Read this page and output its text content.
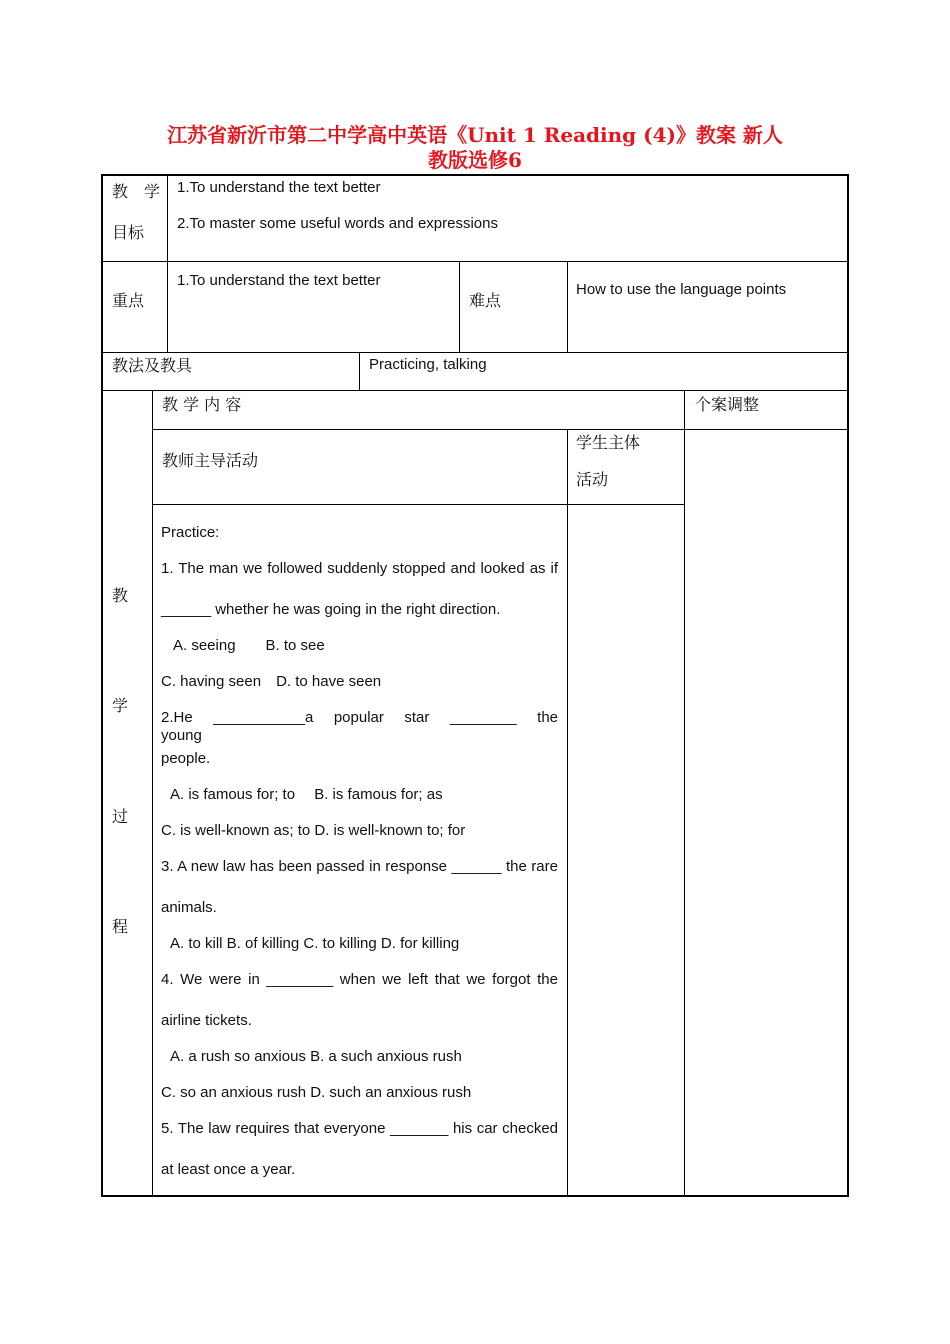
江苏省新沂市第二中学高中英语《Unit 1 Reading (4)》教案 新人
教版选修6
教　学
目标
1.To understand the text better
2.To master some useful words and expressions
重点
1.To understand the text better
难点
How to use the language points
教法及教具	Practicing, talking
教
学
过
程
教 学 内 容	个案调整
教师主导活动
学生主体
活动
Practice:
1. The man we followed suddenly stopped and looked as if
______ whether he was going in the right direction.
A. seeing　　B. to see
C. having seen　D. to have seen
2.He ___________a popular star ________ the young
people.
A. is famous for; to　 B. is famous for; as
C. is well-known as; to D. is well-known to; for
3. A new law has been passed in response ______ the rare
animals.
A. to kill B. of killing C. to killing D. for killing
4. We were in ________ when we left that we forgot the
airline tickets.
A. a rush so anxious B. a such anxious rush
C. so an anxious rush D. such an anxious rush
5. The law requires that everyone _______ his car checked
at least once a year.
